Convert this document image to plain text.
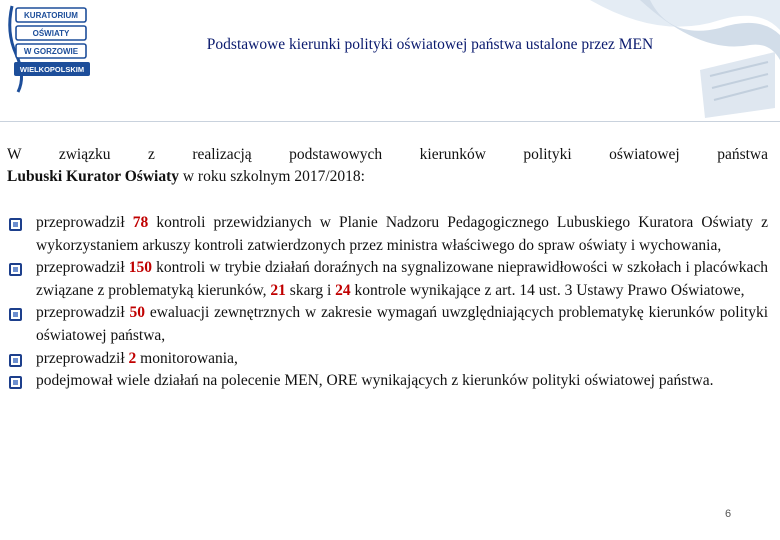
KURATORIUM
OŚWIATY
W GORZOWIE
WIELKOPOLSKIM
Podstawowe kierunki polityki oświatowej państwa ustalone przez MEN
W związku z realizacją podstawowych kierunków polityki oświatowej państwa
Lubuski Kurator Oświaty w roku szkolnym 2017/2018:
przeprowadził 78 kontroli przewidzianych w Planie Nadzoru Pedagogicznego Lubuskiego Kuratora Oświaty z wykorzystaniem arkuszy kontroli zatwierdzonych przez ministra właściwego do spraw oświaty i wychowania,
przeprowadził 150 kontroli w trybie działań doraźnych na sygnalizowane nieprawidłowości w szkołach i placówkach związane z problematyką kierunków, 21 skarg i 24 kontrole wynikające z art. 14 ust. 3 Ustawy Prawo Oświatowe,
przeprowadził 50 ewaluacji zewnętrznych w zakresie wymagań uwzględniających problematykę kierunków polityki oświatowej państwa,
przeprowadził 2 monitorowania,
podejmował wiele działań na polecenie MEN, ORE wynikających z kierunków polityki oświatowej państwa.
6
